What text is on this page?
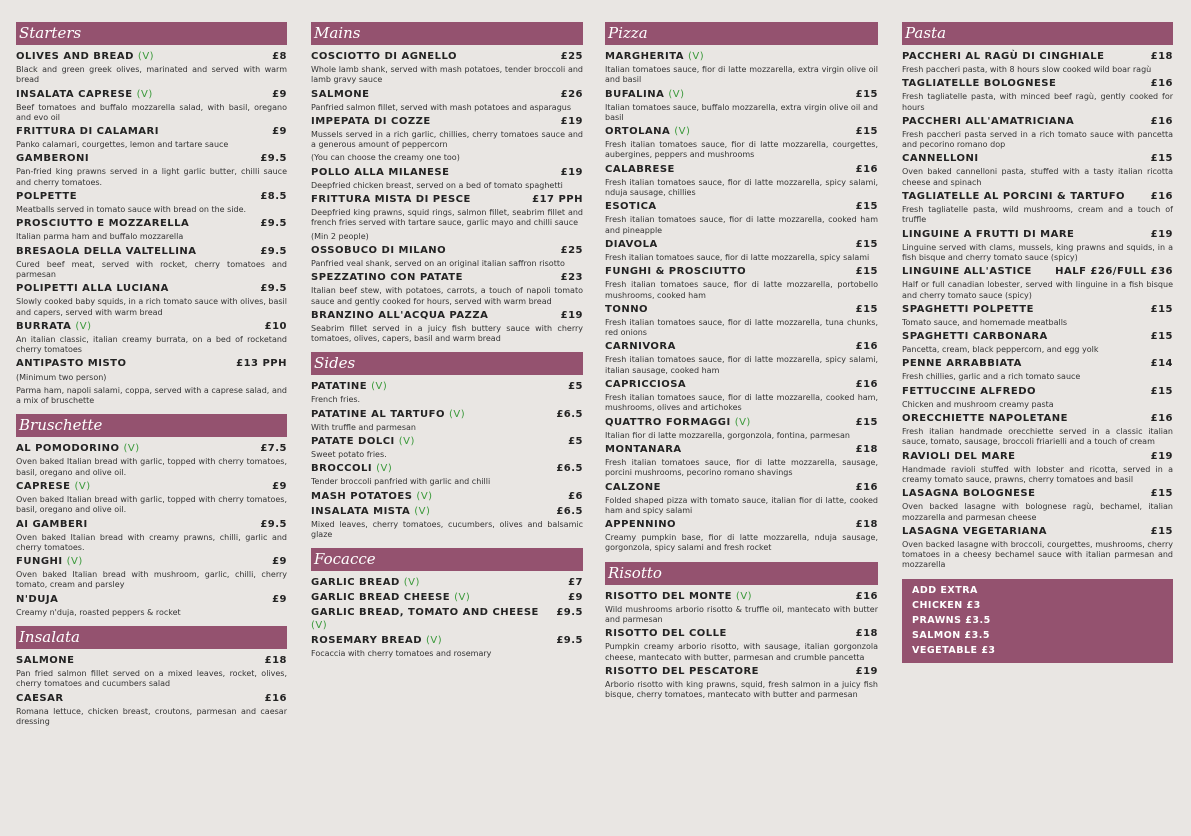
Starters
OLIVES AND BREAD (V)	£8
Black and green greek olives, marinated and served with warm bread
INSALATA CAPRESE (V)	£9
Beef tomatoes and buffalo mozzarella salad, with basil, oregano and evo oil
FRITTURA DI CALAMARI	£9
Panko calamari, courgettes, lemon and tartare sauce
GAMBERONI	£9.5
Pan-fried king prawns served in a light garlic butter, chilli sauce and cherry tomatoes.
POLPETTE	£8.5
Meatballs served in tomato sauce with bread on the side.
PROSCIUTTO E MOZZARELLA	£9.5
Italian parma ham and buffalo mozzarella
BRESAOLA DELLA VALTELLINA	£9.5
Cured beef meat, served with rocket, cherry tomatoes and parmesan
POLIPETTI ALLA LUCIANA	£9.5
Slowly cooked baby squids, in a rich tomato sauce with olives, basil and capers, served with warm bread
BURRATA (V)	£10
An italian classic, italian creamy burrata, on a bed of rocketand cherry tomatoes
ANTIPASTO MISTO	£13 PPH
(Minimum two person)
Parma ham, napoli salami, coppa, served with a caprese salad, and a mix of bruschette
Bruschette
AL POMODORINO (V)	£7.5
Oven baked Italian bread with garlic, topped with cherry tomatoes, basil, oregano and olive oil.
CAPRESE (V)	£9
Oven baked Italian bread with garlic, topped with cherry tomatoes, basil, oregano and olive oil.
AI GAMBERI	£9.5
Oven baked Italian bread with creamy prawns, chilli, garlic and cherry tomatoes.
FUNGHI (V)	£9
Oven baked Italian bread with mushroom, garlic, chilli, cherry tomato, cream and parsley
N'DUJA	£9
Creamy n'duja, roasted peppers & rocket
Insalata
SALMONE	£18
Pan fried salmon fillet served on a mixed leaves, rocket, olives, cherry tomatoes and cucumbers salad
CAESAR	£16
Romana lettuce, chicken breast, croutons, parmesan and caesar dressing
Mains
COSCIOTTO DI AGNELLO	£25
Whole lamb shank, served with mash potatoes, tender broccoli and lamb gravy sauce
SALMONE	£26
Panfried salmon fillet, served with mash potatoes and asparagus
IMPEPATA DI COZZE	£19
Mussels served in a rich garlic, chillies, cherry tomatoes sauce and a generous amount of peppercorn
(You can choose the creamy one too)
POLLO ALLA MILANESE	£19
Deepfried chicken breast, served on a bed of tomato spaghetti
FRITTURA MISTA DI PESCE	£17 PPH
Deepfried king prawns, squid rings, salmon fillet, seabrim fillet and french fries served with tartare sauce, garlic mayo and chilli sauce
(Min 2 people)
OSSOBUCO DI MILANO	£25
Panfried veal shank, served on an original italian saffron risotto
SPEZZATINO CON PATATE	£23
Italian beef stew, with potatoes, carrots, a touch of napoli tomato sauce and gently cooked for hours, served with warm bread
BRANZINO ALL'ACQUA PAZZA	£19
Seabrim fillet served in a juicy fish buttery sauce with cherry tomatoes, olives, capers, basil and warm bread
Sides
PATATINE (V)	£5
French fries.
PATATINE AL TARTUFO (V)	£6.5
With truffle and parmesan
PATATE DOLCI (V)	£5
Sweet potato fries.
BROCCOLI (V)	£6.5
Tender broccoli panfried with garlic and chilli
MASH POTATOES (V)	£6
INSALATA MISTA (V)	£6.5
Mixed leaves, cherry tomatoes, cucumbers, olives and balsamic glaze
Focacce
GARLIC BREAD (V)	£7
GARLIC BREAD CHEESE (V)	£9
GARLIC BREAD, TOMATO AND CHEESE (V)
£9.5
ROSEMARY BREAD (V)	£9.5
Focaccia with cherry tomatoes and rosemary
Pizza
MARGHERITA (V)
Italian tomatoes sauce, fior di latte mozzarella, extra virgin olive oil and basil
BUFALINA (V)	£15
Italian tomatoes sauce, buffalo mozzarella, extra virgin olive oil and basil
ORTOLANA (V)	£15
Fresh italian tomatoes sauce, fior di latte mozzarella, courgettes, aubergines, peppers and mushrooms
CALABRESE	£16
Fresh italian tomatoes sauce, fior di latte mozzarella, spicy salami, nduja sausage, chillies
ESOTICA	£15
Fresh italian tomatoes sauce, fior di latte mozzarella, cooked ham and pineapple
DIAVOLA	£15
Fresh italian tomatoes sauce, fior di latte mozzarella, spicy salami
FUNGHI & PROSCIUTTO	£15
Fresh italian tomatoes sauce, fior di latte mozzarella, portobello mushrooms, cooked ham
TONNO	£15
Fresh italian tomatoes sauce, fior di latte mozzarella, tuna chunks, red onions
CARNIVORA	£16
Fresh italian tomatoes sauce, fior di latte mozzarella, spicy salami, italian sausage, cooked ham
CAPRICCIOSA	£16
Fresh italian tomatoes sauce, fior di latte mozzarella, cooked ham, mushrooms, olives and artichokes
QUATTRO FORMAGGI (V)	£15
Italian fior di latte mozzarella, gorgonzola, fontina, parmesan
MONTANARA	£18
Fresh italian tomatoes sauce, fior di latte mozzarella, sausage, porcini mushrooms, pecorino romano shavings
CALZONE	£16
Folded shaped pizza with tomato sauce, italian fior di latte, cooked ham and spicy salami
APPENNINO	£18
Creamy pumpkin base, fior di latte mozzarella, nduja sausage, gorgonzola, spicy salami and fresh rocket
Risotto
RISOTTO DEL MONTE (V)	£16
Wild mushrooms arborio risotto & truffle oil, mantecato with butter and parmesan
RISOTTO DEL COLLE	£18
Pumpkin creamy arborio risotto, with sausage, italian gorgonzola cheese, mantecato with butter, parmesan and crumble pancetta
RISOTTO DEL PESCATORE	£19
Arborio risotto with king prawns, squid, fresh salmon in a juicy fish bisque, cherry tomatoes, mantecato with butter and parmesan
Pasta
PACCHERI AL RAGÙ DI CINGHIALE	£18
Fresh paccheri pasta, with 8 hours slow cooked wild boar ragù
TAGLIATELLE BOLOGNESE	£16
Fresh tagliatelle pasta, with minced beef ragù, gently cooked for hours
PACCHERI ALL'AMATRICIANA	£16
Fresh paccheri pasta served in a rich tomato sauce with pancetta and pecorino romano dop
CANNELLONI	£15
Oven baked cannelloni pasta, stuffed with a tasty italian ricotta cheese and spinach
TAGLIATELLE AL PORCINI & TARTUFO	£16
Fresh tagliatelle pasta, wild mushrooms, cream and a touch of truffle
LINGUINE A FRUTTI DI MARE	£19
Linguine served with clams, mussels, king prawns and squids, in a fish bisque and cherry tomato sauce (spicy)
LINGUINE ALL'ASTICE	HALF £26/FULL £36
Half or full canadian lobester, served with linguine in a fish bisque and cherry tomato sauce (spicy)
SPAGHETTI POLPETTE	£15
Tomato sauce, and homemade meatballs
SPAGHETTI CARBONARA	£15
Pancetta, cream, black peppercorn, and egg yolk
PENNE ARRABBIATA	£14
Fresh chillies, garlic and a rich tomato sauce
FETTUCCINE ALFREDO	£15
Chicken and mushroom creamy pasta
ORECCHIETTE NAPOLETANE	£16
Fresh italian handmade orecchiette served in a classic italian sauce, tomato, sausage, broccoli friarielli and a touch of cream
RAVIOLI DEL MARE	£19
Handmade ravioli stuffed with lobster and ricotta, served in a creamy tomato sauce, prawns, cherry tomatoes and basil
LASAGNA BOLOGNESE	£15
Oven backed lasagne with bolognese ragù, bechamel, italian mozzarella and parmesan cheese
LASAGNA VEGETARIANA	£15
Oven backed lasagne with broccoli, courgettes, mushrooms, cherry tomatoes in a cheesy bechamel sauce with italian parmesan and mozzarella
ADD EXTRA
CHICKEN £3
PRAWNS £3.5
SALMON £3.5
VEGETABLE £3
